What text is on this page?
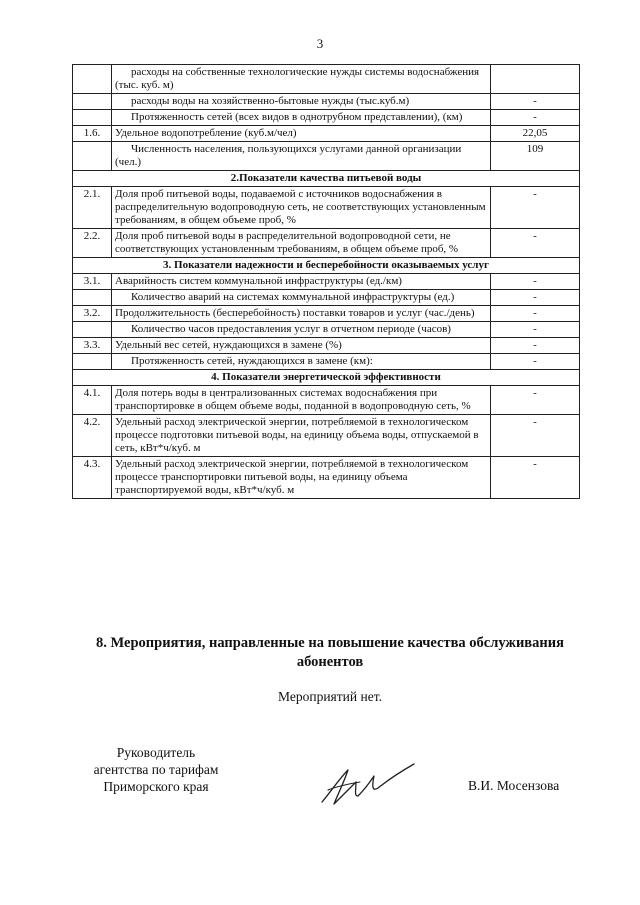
3
	расходы на собственные технологические нужды системы водоснабжения (тыс. куб. м)	
	расходы воды на хозяйственно-бытовые нужды (тыс.куб.м)	-
	Протяженность сетей (всех видов в однотрубном представлении), (км)	-
1.6.	Удельное водопотребление (куб.м/чел)	22,05
	Численность населения, пользующихся услугами данной организации (чел.)	109
2.Показатели качества питьевой воды		
2.1.	Доля проб питьевой воды, подаваемой с источников водоснабжения в распределительную водопроводную сеть, не соответствующих установленным требованиям, в общем объеме проб, %	-
2.2.	Доля проб питьевой воды в распределительной водопроводной сети, не соответствующих установленным требованиям, в общем объеме проб, %	-
3. Показатели надежности и бесперебойности оказываемых услуг		
3.1.	Аварийность систем коммунальной инфраструктуры (ед./км)	-
	Количество аварий на системах коммунальной инфраструктуры (ед.)	-
3.2.	Продолжительность (бесперебойность) поставки товаров и услуг (час./день)	-
	Количество часов предоставления услуг в отчетном периоде (часов)	-
3.3.	Удельный вес сетей, нуждающихся в замене (%)	-
	Протяженность сетей, нуждающихся в замене (км):	-
4. Показатели энергетической эффективности		
4.1.	Доля потерь воды в централизованных системах водоснабжения при транспортировке в общем объеме воды, поданной в водопроводную сеть, %	-
4.2.	Удельный расход электрической энергии, потребляемой в технологическом процессе подготовки питьевой воды, на единицу объема воды, отпускаемой в сеть, кВт*ч/куб. м	-
4.3.	Удельный расход электрической энергии, потребляемой в технологическом процессе транспортировки питьевой воды, на единицу объема транспортируемой воды, кВт*ч/куб. м	-
8. Мероприятия, направленные на повышение качества обслуживания абонентов
Мероприятий нет.
Руководитель
агентства по тарифам
Приморского края	В.И. Мосензова
